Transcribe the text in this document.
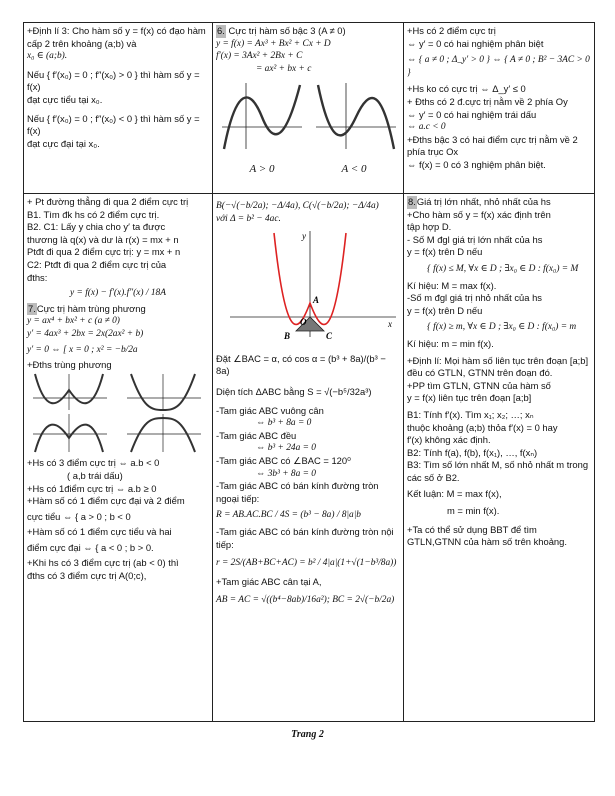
+Định lí 3: Cho hàm số y = f(x) có đạo hàm cấp 2 trên khoảng (a;b) và

x₀ ∈ (a;b).

Nếu { f′(x₀) = 0 ; f″(x₀) > 0 } thì hàm số y = f(x)

đạt cực tiểu tại x₀.

Nếu { f′(x₀) = 0 ; f″(x₀) < 0 } thì hàm số y = f(x)

đạt cực đại tại x₀.

6. Cực trị hàm số bậc 3 (A ≠ 0)

y = f(x) = Ax³ + Bx² + Cx + D

f′(x) = 3Ax² + 2Bx + C

= ax² + bx + c

A > 0	A < 0

+Hs có 2 điểm cực trị

⇔ y′ = 0 có hai nghiệm phân biệt

⇔ { a ≠ 0 ; Δ_y′ > 0 } ⇔ { A ≠ 0 ; B² − 3AC > 0 }

+Hs ko có cực trị ⇔ Δ_y′ ≤ 0

+ Đths có 2 đ.cực trị nằm về 2 phía Oy

⇔ y′ = 0 có hai nghiệm trái dấu

⇔ a.c < 0

+Đths bậc 3 có hai điểm cực trị nằm về 2 phía trục Ox

⇔ f(x) = 0 có 3 nghiệm phân biệt.

+ Pt đường thẳng đi qua 2 điểm cực trị

B1. Tìm đk hs có 2 điểm cực trị.

B2. C1: Lấy y chia cho y′ ta được

thương là q(x) và dư là r(x) = mx + n

Ptđt đi qua 2 điểm cực trị: y = mx + n

C2: Ptđt đi qua 2 điểm cực trị của

đths:

y = f(x) − f′(x).f″(x) / 18A

7.Cực trị hàm trùng phương

y = ax⁴ + bx² + c (a ≠ 0)

y′ = 4ax³ + 2bx = 2x(2ax² + b)

y′ = 0 ⇔ [ x = 0 ; x² = −b/2a

+Đths trùng phương

+Hs có 3 điểm cực trị ⇔ a.b < 0

( a,b trái dấu)

+Hs có 1điểm cực trị ⇔ a.b ≥ 0

+Hàm số có 1 điểm cực đại và 2 điểm

cực tiểu ⇔ { a > 0 ; b < 0

+Hàm số có 1 điểm cực tiểu và hai

điểm cực đại ⇔ { a < 0 ; b > 0.

+Khi hs có 3 điểm cực trị (ab < 0) thì

đths có 3 điểm cực trị A(0;c),

B(−√(−b/2a); −Δ/4a), C(√(−b/2a); −Δ/4a)

với Δ = b² − 4ac.

y
x
O
A
B	C

Đặt ∠BAC = α, có cos α = (b³ + 8a)/(b³ − 8a)

Diện tích ΔABC bằng S = √(−b⁵/32a³)

-Tam giác ABC vuông cân

⇔ b³ + 8a = 0

-Tam giác ABC đều

⇔ b³ + 24a = 0

-Tam giác ABC có ∠BAC = 120⁰

⇔ 3b³ + 8a = 0

-Tam giác ABC có bán kính đường tròn ngoại tiếp:

R = AB.AC.BC / 4S = (b³ − 8a) / 8|a|b

-Tam giác ABC có bán kính đường tròn nội tiếp:

r = 2S/(AB+BC+AC) = b² / 4|a|(1+√(1−b³/8a))

+Tam giác ABC cân tại A,

AB = AC = √((b⁴−8ab)/16a²); BC = 2√(−b/2a)

8.Giá trị lớn nhất, nhỏ nhất của hs

+Cho hàm số y = f(x) xác định trên

tập hợp D.

- Số M đgl giá trị lớn nhất của hs

y = f(x) trên D nếu

{ f(x) ≤ M, ∀x ∈ D ; ∃x₀ ∈ D : f(x₀) = M

Kí hiệu: M = max f(x).

-Số m đgl giá trị nhỏ nhất của hs

y = f(x) trên D nếu

{ f(x) ≥ m, ∀x ∈ D ; ∃x₀ ∈ D : f(x₀) = m

Kí hiệu: m = min f(x).

+Định lí: Mọi hàm số liên tục trên đoạn [a;b] đều có GTLN, GTNN trên đoạn đó.

+PP tìm GTLN, GTNN của hàm số

y = f(x) liên tục trên đoạn [a;b]

B1: Tính f′(x). Tìm x₁; x₂; …; xₙ

thuộc khoảng (a;b) thỏa f′(x) = 0 hay

f′(x) không xác định.

B2: Tính f(a), f(b), f(x₁), …, f(xₙ)

B3: Tìm số lớn nhất M, số nhỏ nhất m trong các số ở B2.

Kết luận: M = max f(x),

m = min f(x).

+Ta có thể sử dụng BBT để tìm GTLN,GTNN của hàm số trên khoảng.

Trang 2
